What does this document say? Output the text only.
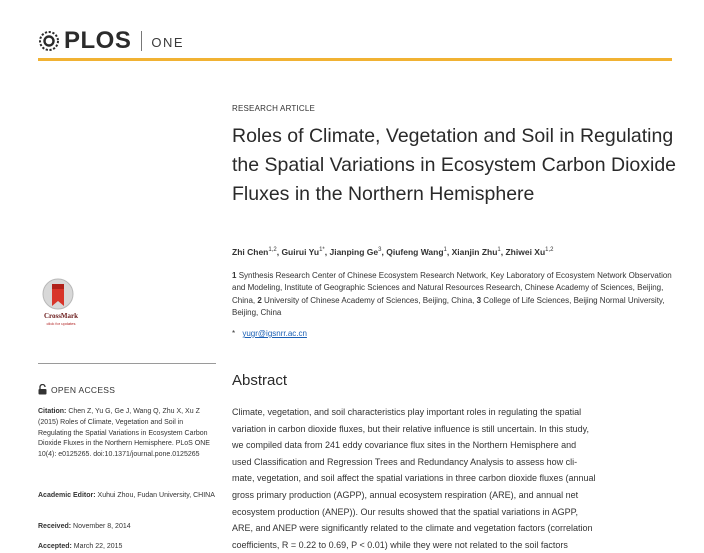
PLOS ONE
RESEARCH ARTICLE
Roles of Climate, Vegetation and Soil in Regulating the Spatial Variations in Ecosystem Carbon Dioxide Fluxes in the Northern Hemisphere
Zhi Chen$^{1,2}$, Guirui $Yu^{1*}$, Jianping Ge$^3$, Qiufeng Wang$^1$, Xianjin Zhu$^1$, Zhiwei Xu$^{1,2}$
1 Synthesis Research Center of Chinese Ecosystem Research Network, Key Laboratory of Ecosystem Network Observation and Modeling, Institute of Geographic Sciences and Natural Resources Research, Chinese Academy of Sciences, Beijing, China, 2 University of Chinese Academy of Sciences, Beijing, China, 3 College of Life Sciences, Beijing Normal University, Beijing, China
* yugr@igsnrr.ac.cn
CrossMark
click for updates
OPEN ACCESS
Citation: Chen Z, Yu G, Ge J, Wang Q, Zhu X, Xu Z (2015) Roles of Climate, Vegetation and Soil in Regulating the Spatial Variations in Ecosystem Carbon Dioxide Fluxes in the Northern Hemisphere. PLoS ONE 10(4): e0125265. doi:10.1371/journal.pone.0125265
Academic Editor: Xuhui Zhou, Fudan University, CHINA
Received: November 8, 2014
Accepted: March 22, 2015
Abstract

Climate, vegetation, and soil characteristics play important roles in regulating the spatial

variation in carbon dioxide fluxes, but their relative influence is still uncertain. In this study,

we compiled data from 241 eddy covariance flux sites in the Northern Hemisphere and

used Classification and Regression Trees and Redundancy Analysis to assess how cli-

mate, vegetation, and soil affect the spatial variations in three carbon dioxide fluxes (annual

gross primary production (AGPP), annual ecosystem respiration (ARE), and annual net

ecosystem production (ANEP)). Our results showed that the spatial variations in AGPP,

ARE, and ANEP were significantly related to the climate and vegetation factors (correlation

coefficients, R = 0.22 to 0.69, P < 0.01) while they were not related to the soil factors
